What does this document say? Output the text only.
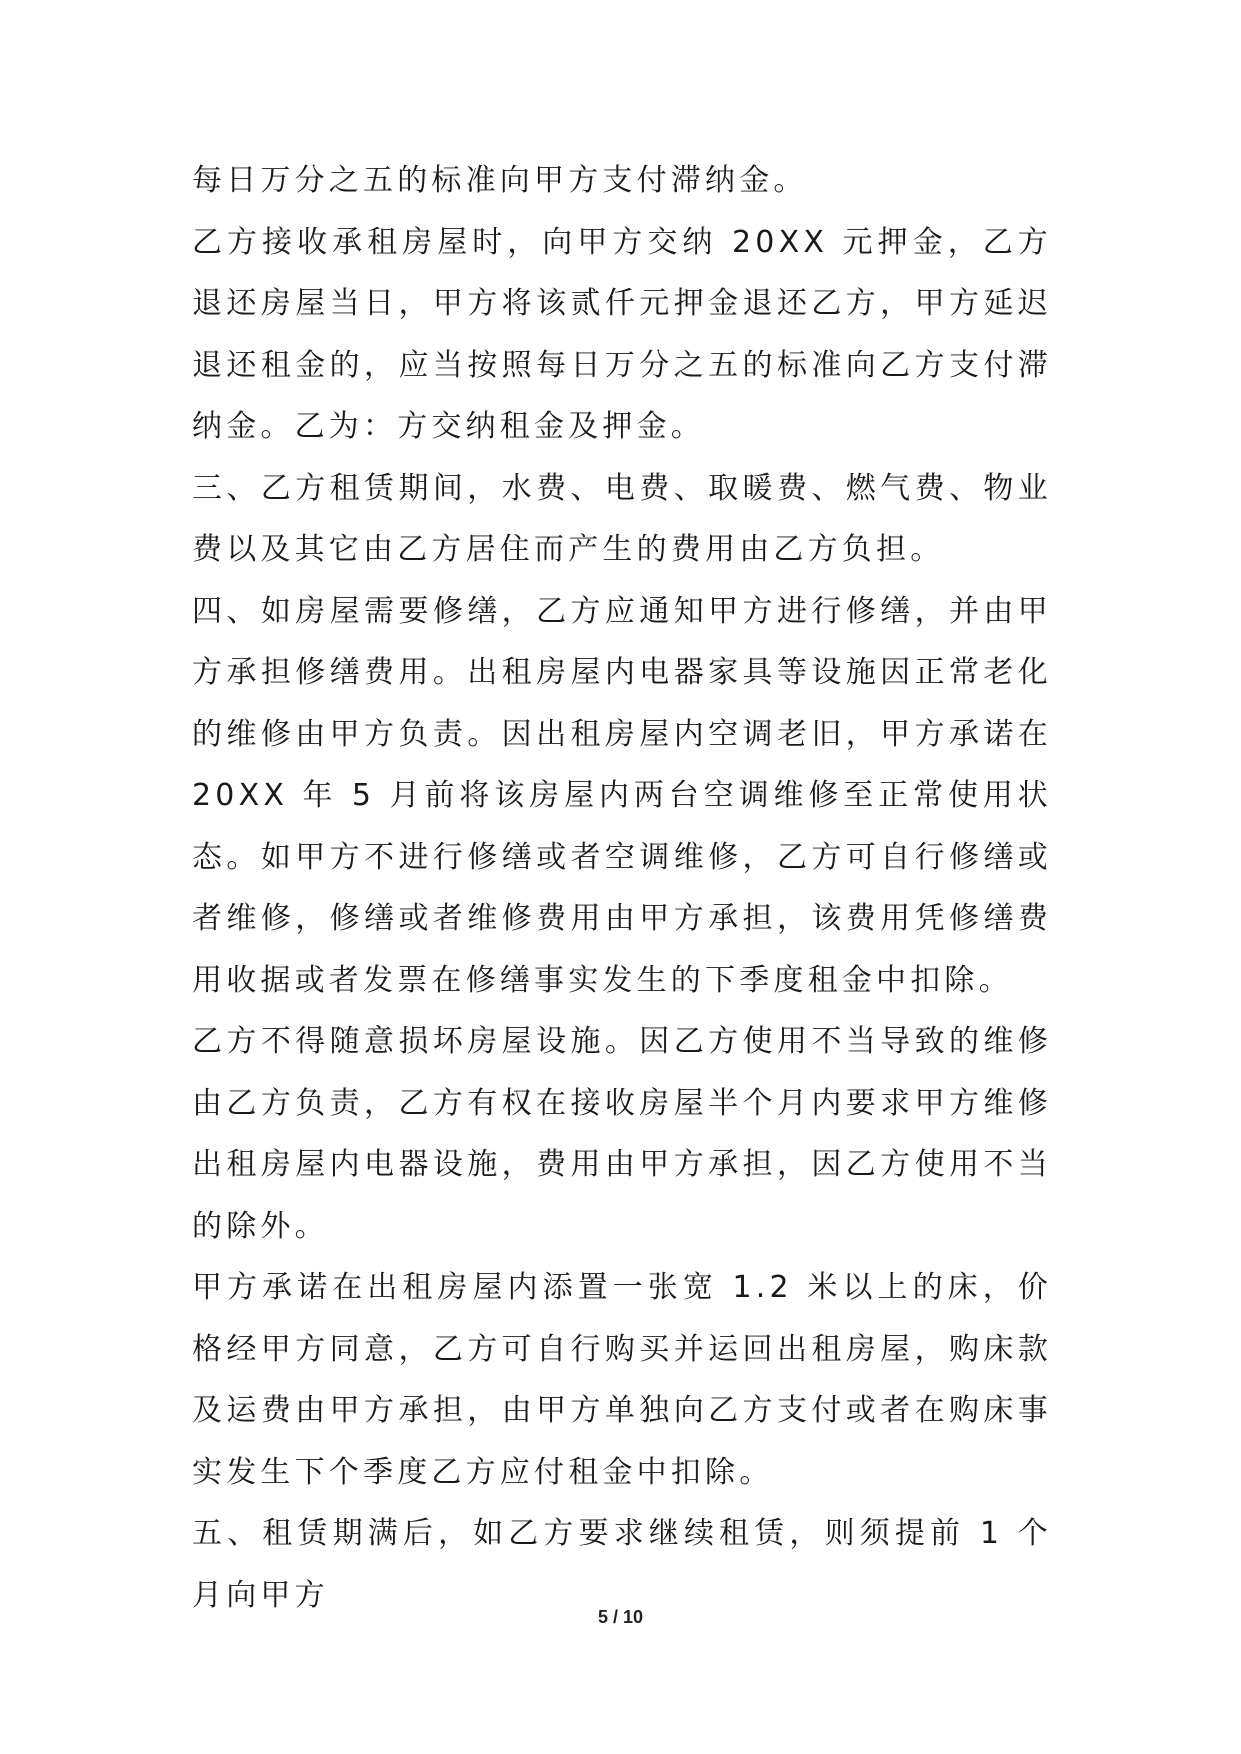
每日万分之五的标准向甲方支付滞纳金。

乙方接收承租房屋时，向甲方交纳 20XX 元押金，乙方退还房屋当日，甲方将该贰仟元押金退还乙方，甲方延迟退还租金的，应当按照每日万分之五的标准向乙方支付滞纳金。乙为：方交纳租金及押金。

三、乙方租赁期间，水费、电费、取暖费、燃气费、物业费以及其它由乙方居住而产生的费用由乙方负担。

四、如房屋需要修缮，乙方应通知甲方进行修缮，并由甲方承担修缮费用。出租房屋内电器家具等设施因正常老化的维修由甲方负责。因出租房屋内空调老旧，甲方承诺在 20XX 年 5 月前将该房屋内两台空调维修至正常使用状态。如甲方不进行修缮或者空调维修，乙方可自行修缮或者维修，修缮或者维修费用由甲方承担，该费用凭修缮费用收据或者发票在修缮事实发生的下季度租金中扣除。

乙方不得随意损坏房屋设施。因乙方使用不当导致的维修由乙方负责，乙方有权在接收房屋半个月内要求甲方维修出租房屋内电器设施，费用由甲方承担，因乙方使用不当的除外。

甲方承诺在出租房屋内添置一张宽 1.2 米以上的床，价格经甲方同意，乙方可自行购买并运回出租房屋，购床款及运费由甲方承担，由甲方单独向乙方支付或者在购床事实发生下个季度乙方应付租金中扣除。

五、租赁期满后，如乙方要求继续租赁，则须提前 1 个月向甲方

5 / 10
